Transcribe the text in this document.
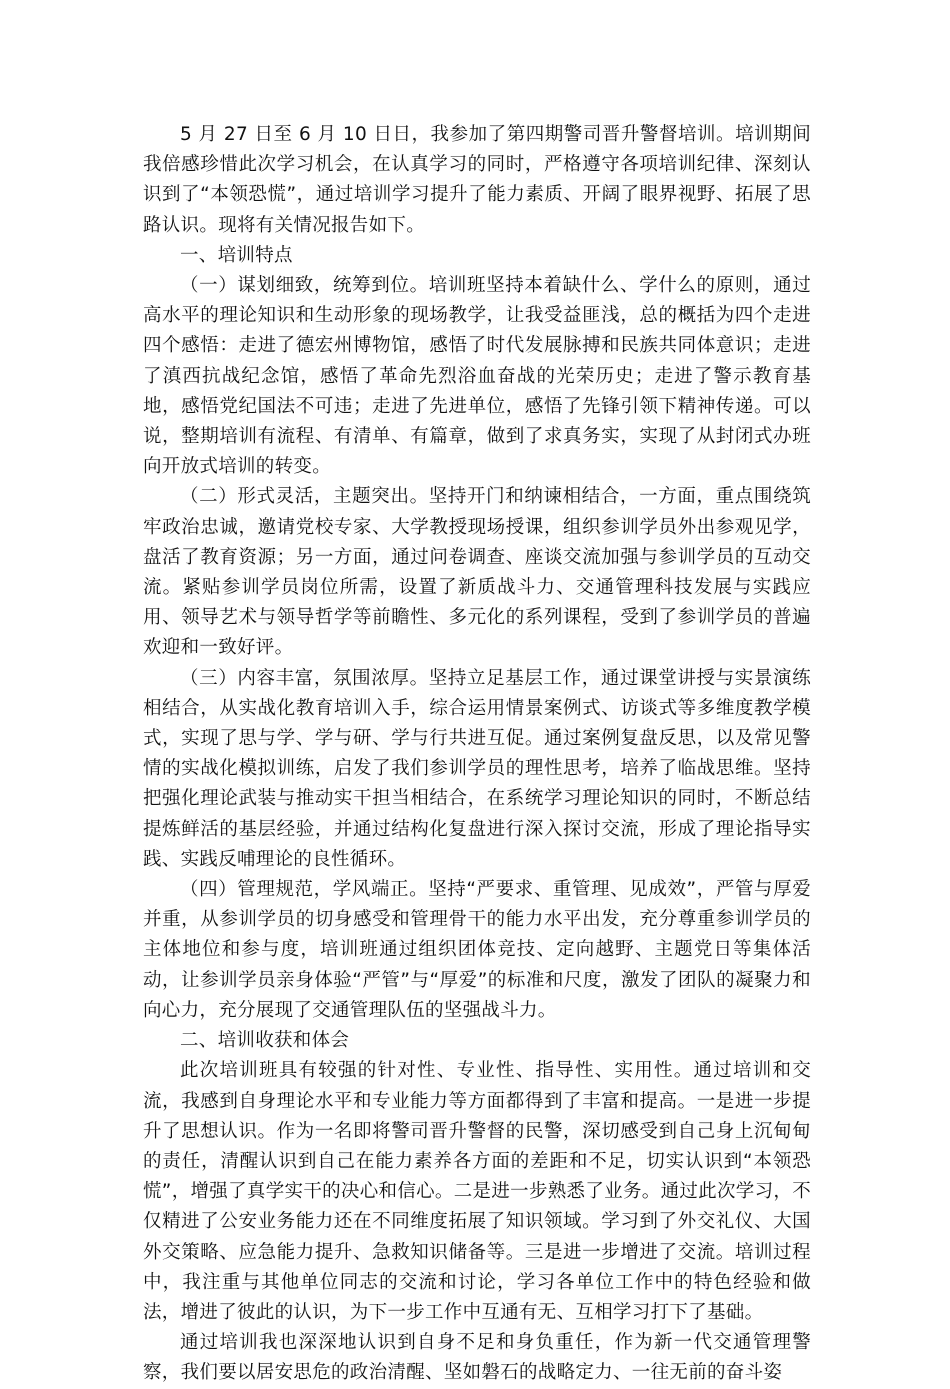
5 月 27 日至 6 月 10 日日，我参加了第四期警司晋升警督培训。培训期间我倍感珍惜此次学习机会，在认真学习的同时，严格遵守各项培训纪律、深刻认识到了“本领恐慌”，通过培训学习提升了能力素质、开阔了眼界视野、拓展了思路认识。现将有关情况报告如下。

一、培训特点

（一）谋划细致，统筹到位。培训班坚持本着缺什么、学什么的原则，通过高水平的理论知识和生动形象的现场教学，让我受益匪浅，总的概括为四个走进四个感悟：走进了德宏州博物馆，感悟了时代发展脉搏和民族共同体意识；走进了滇西抗战纪念馆，感悟了革命先烈浴血奋战的光荣历史；走进了警示教育基地，感悟党纪国法不可违；走进了先进单位，感悟了先锋引领下精神传递。可以说，整期培训有流程、有清单、有篇章，做到了求真务实，实现了从封闭式办班向开放式培训的转变。

（二）形式灵活，主题突出。坚持开门和纳谏相结合，一方面，重点围绕筑牢政治忠诚，邀请党校专家、大学教授现场授课，组织参训学员外出参观见学，盘活了教育资源；另一方面，通过问卷调查、座谈交流加强与参训学员的互动交流。紧贴参训学员岗位所需，设置了新质战斗力、交通管理科技发展与实践应用、领导艺术与领导哲学等前瞻性、多元化的系列课程，受到了参训学员的普遍欢迎和一致好评。

（三）内容丰富，氛围浓厚。坚持立足基层工作，通过课堂讲授与实景演练相结合，从实战化教育培训入手，综合运用情景案例式、访谈式等多维度教学模式，实现了思与学、学与研、学与行共进互促。通过案例复盘反思，以及常见警情的实战化模拟训练，启发了我们参训学员的理性思考，培养了临战思维。坚持把强化理论武装与推动实干担当相结合，在系统学习理论知识的同时，不断总结提炼鲜活的基层经验，并通过结构化复盘进行深入探讨交流，形成了理论指导实践、实践反哺理论的良性循环。

（四）管理规范，学风端正。坚持“严要求、重管理、见成效”，严管与厚爱并重，从参训学员的切身感受和管理骨干的能力水平出发，充分尊重参训学员的主体地位和参与度，培训班通过组织团体竞技、定向越野、主题党日等集体活动，让参训学员亲身体验“严管”与“厚爱”的标准和尺度，激发了团队的凝聚力和向心力，充分展现了交通管理队伍的坚强战斗力。

二、培训收获和体会

此次培训班具有较强的针对性、专业性、指导性、实用性。通过培训和交流，我感到自身理论水平和专业能力等方面都得到了丰富和提高。一是进一步提升了思想认识。作为一名即将警司晋升警督的民警，深切感受到自己身上沉甸甸的责任，清醒认识到自己在能力素养各方面的差距和不足，切实认识到“本领恐慌”，增强了真学实干的决心和信心。二是进一步熟悉了业务。通过此次学习，不仅精进了公安业务能力还在不同维度拓展了知识领域。学习到了外交礼仪、大国外交策略、应急能力提升、急救知识储备等。三是进一步增进了交流。培训过程中，我注重与其他单位同志的交流和讨论，学习各单位工作中的特色经验和做法，增进了彼此的认识，为下一步工作中互通有无、互相学习打下了基础。

通过培训我也深深地认识到自身不足和身负重任，作为新一代交通管理警察，我们要以居安思危的政治清醒、坚如磐石的战略定力、一往无前的奋斗姿
